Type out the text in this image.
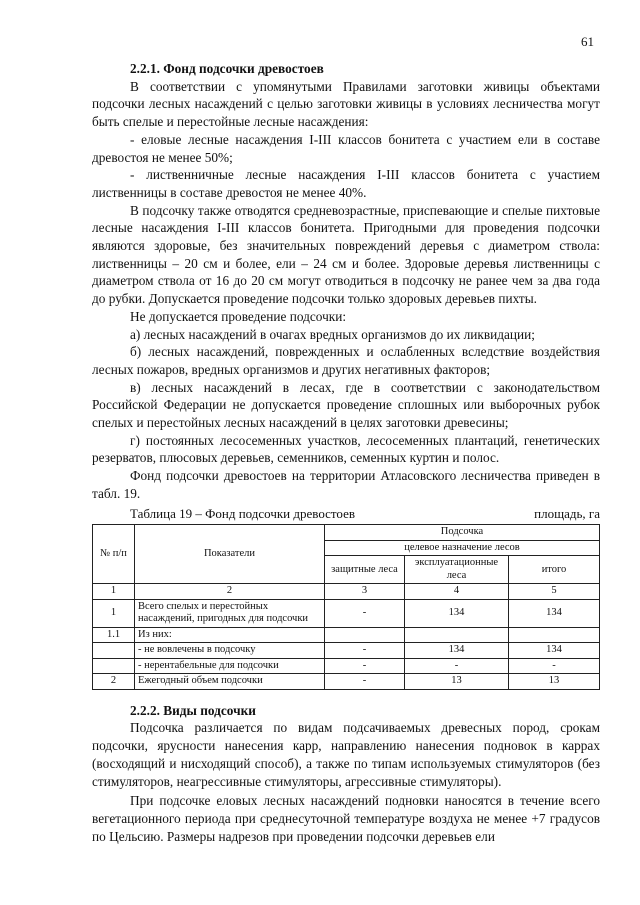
61
2.2.1. Фонд подсочки древостоев

В соответствии с упомянутыми Правилами заготовки живицы объектами подсочки лесных насаждений с целью заготовки живицы в условиях лесничества могут быть спелые и перестойные лесные насаждения:

- еловые лесные насаждения I-III классов бонитета с участием ели в составе древостоя не менее 50%;

- лиственничные лесные насаждения I-III классов бонитета с участием лиственницы в составе древостоя не менее 40%.

В подсочку также отводятся средневозрастные, приспевающие и спелые пихтовые лесные насаждения I-III классов бонитета. Пригодными для проведения подсочки являются здоровые, без значительных повреждений деревья с диаметром ствола: лиственницы – 20 см и более, ели – 24 см и более. Здоровые деревья лиственницы с диаметром ствола от 16 до 20 см могут отводиться в подсочку не ранее чем за два года до рубки. Допускается проведение подсочки только здоровых деревьев пихты.

Не допускается проведение подсочки:

а) лесных насаждений в очагах вредных организмов до их ликвидации;

б) лесных насаждений, поврежденных и ослабленных вследствие воздействия лесных пожаров, вредных организмов и других негативных факторов;

в) лесных насаждений в лесах, где в соответствии с законодательством Российской Федерации не допускается проведение сплошных или выборочных рубок спелых и перестойных лесных насаждений в целях заготовки древесины;

г) постоянных лесосеменных участков, лесосеменных плантаций, генетических резерватов, плюсовых деревьев, семенников, семенных куртин и полос.

Фонд подсочки древостоев на территории Атласовского лесничества приведен в табл. 19.

Таблица 19 – Фонд подсочки древостоев	площадь, га
№ п/п	Показатели	Подсочка		
		целевое назначение лесов		
		защитные леса	эксплуатационные леса	итого
1	2	3	4	5
1	Всего спелых и перестойных насаждений, пригодных для подсочки	-	134	134
1.1	Из них:			
	- не вовлечены в подсочку	-	134	134
	- нерентабельные для подсочки	-	-	-
2	Ежегодный объем подсочки	-	13	13
2.2.2. Виды подсочки

Подсочка различается по видам подсачиваемых древесных пород, срокам подсочки, ярусности нанесения карр, направлению нанесения подновок в каррах (восходящий и нисходящий способ), а также по типам используемых стимуляторов (без стимуляторов, неагрессивные стимуляторы, агрессивные стимуляторы).

При подсочке еловых лесных насаждений подновки наносятся в течение всего вегетационного периода при среднесуточной температуре воздуха не менее +7 градусов по Цельсию. Размеры надрезов при проведении подсочки деревьев ели
